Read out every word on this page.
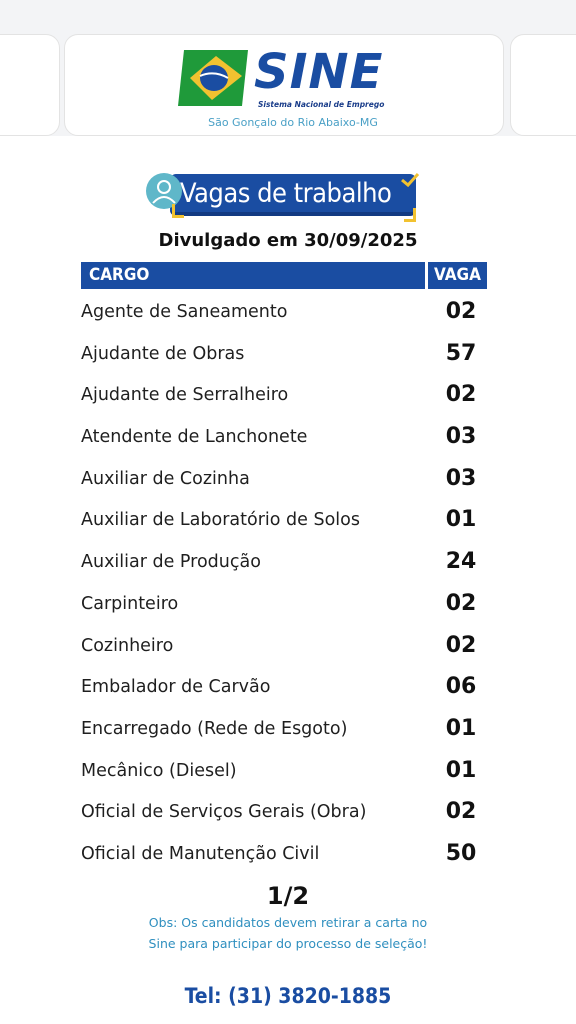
SINE
Sistema Nacional de Emprego
São Gonçalo do Rio Abaixo-MG
Vagas de trabalho
Divulgado em 30/09/2025
CARGO	VAGA
Agente de Saneamento	02
Ajudante de Obras	57
Ajudante de Serralheiro	02
Atendente de Lanchonete	03
Auxiliar de Cozinha	03
Auxiliar de Laboratório de Solos	01
Auxiliar de Produção	24
Carpinteiro	02
Cozinheiro	02
Embalador de Carvão	06
Encarregado (Rede de Esgoto)	01
Mecânico (Diesel)	01
Oficial de Serviços Gerais (Obra)	02
Oficial de Manutenção Civil	50
1/2
Obs: Os candidatos devem retirar a carta no
Sine para participar do processo de seleção!
Tel: (31) 3820-1885
